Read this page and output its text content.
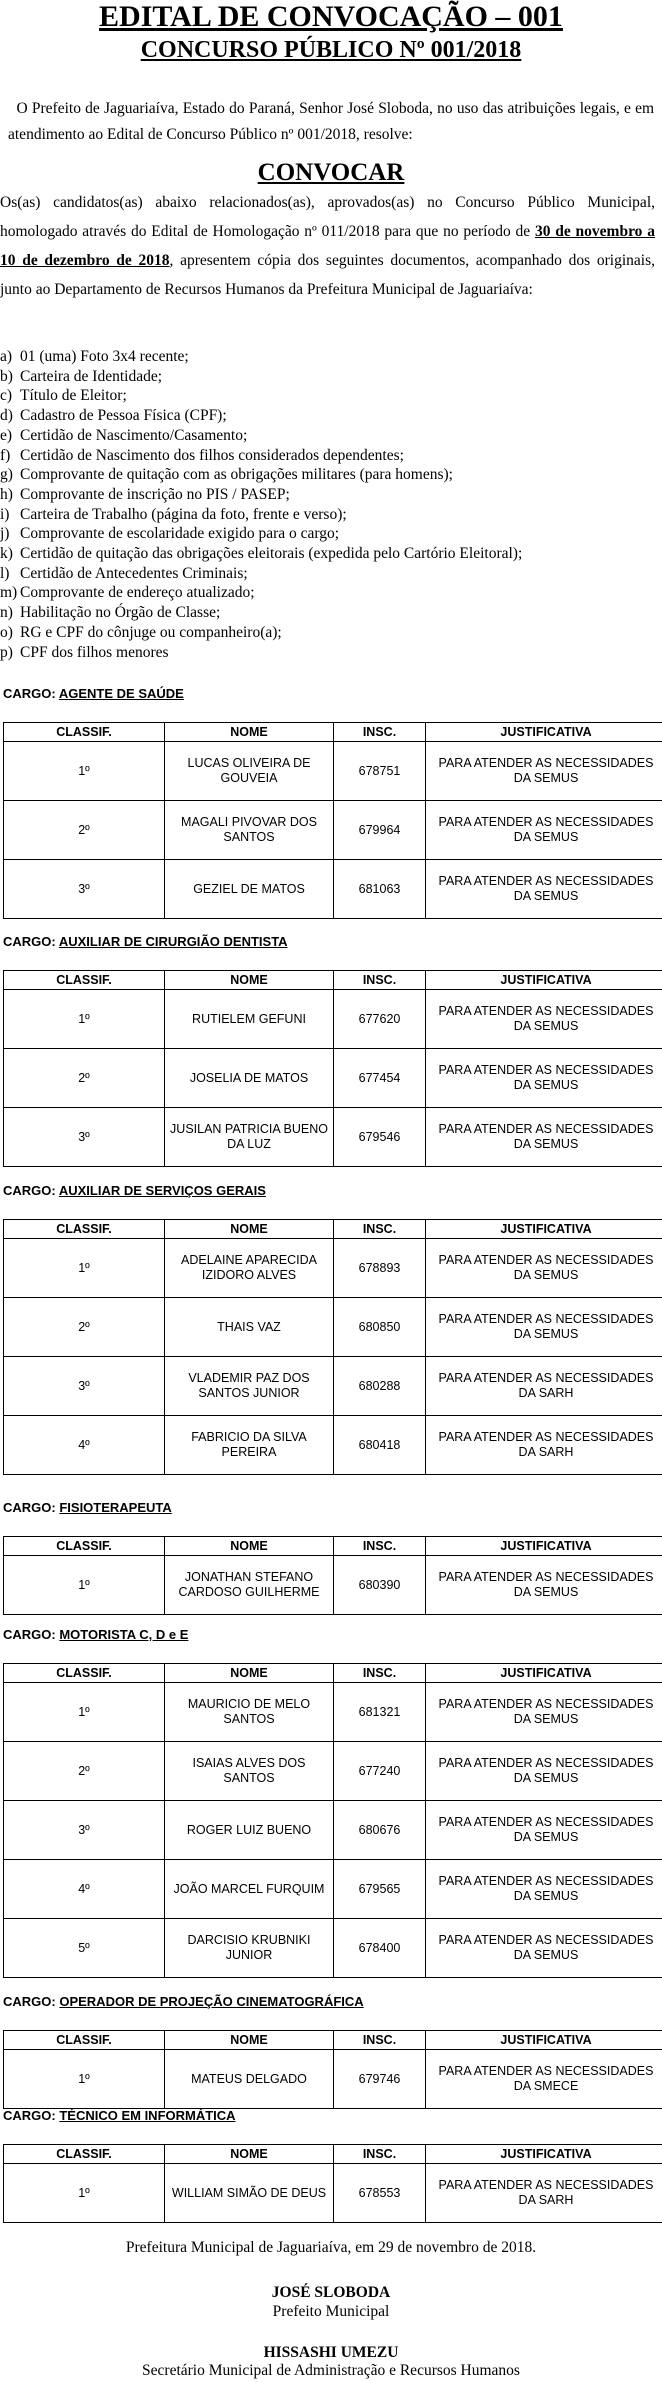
EDITAL DE CONVOCAÇÃO – 001
CONCURSO PÚBLICO Nº 001/2018

O Prefeito de Jaguariaíva, Estado do Paraná, Senhor José Sloboda, no uso das atribuições legais, e em atendimento ao Edital de Concurso Público nº 001/2018, resolve:

CONVOCAR

Os(as) candidatos(as) abaixo relacionados(as), aprovados(as) no Concurso Público Municipal, homologado através do Edital de Homologação nº 011/2018 para que no período de 30 de novembro a 10 de dezembro de 2018, apresentem cópia dos seguintes documentos, acompanhado dos originais, junto ao Departamento de Recursos Humanos da Prefeitura Municipal de Jaguariaíva:

a) 01 (uma) Foto 3x4 recente;
b) Carteira de Identidade;
c) Título de Eleitor;
d) Cadastro de Pessoa Física (CPF);
e) Certidão de Nascimento/Casamento;
f) Certidão de Nascimento dos filhos considerados dependentes;
g) Comprovante de quitação com as obrigações militares (para homens);
h) Comprovante de inscrição no PIS / PASEP;
i) Carteira de Trabalho (página da foto, frente e verso);
j) Comprovante de escolaridade exigido para o cargo;
k) Certidão de quitação das obrigações eleitorais (expedida pelo Cartório Eleitoral);
l) Certidão de Antecedentes Criminais;
m) Comprovante de endereço atualizado;
n) Habilitação no Órgão de Classe;
o) RG e CPF do cônjuge ou companheiro(a);
p) CPF dos filhos menores
CARGO: AGENTE DE SAÚDE
CLASSIF.	NOME	INSC.	JUSTIFICATIVA
1º	LUCAS OLIVEIRA DE GOUVEIA	678751	PARA ATENDER AS NECESSIDADES DA SEMUS
2º	MAGALI PIVOVAR DOS SANTOS	679964	PARA ATENDER AS NECESSIDADES DA SEMUS
3º	GEZIEL DE MATOS	681063	PARA ATENDER AS NECESSIDADES DA SEMUS
CARGO: AUXILIAR DE CIRURGIÃO DENTISTA
CLASSIF.	NOME	INSC.	JUSTIFICATIVA
1º	RUTIELEM GEFUNI	677620	PARA ATENDER AS NECESSIDADES DA SEMUS
2º	JOSELIA DE MATOS	677454	PARA ATENDER AS NECESSIDADES DA SEMUS
3º	JUSILAN PATRICIA BUENO DA LUZ	679546	PARA ATENDER AS NECESSIDADES DA SEMUS
CARGO: AUXILIAR DE SERVIÇOS GERAIS
CLASSIF.	NOME	INSC.	JUSTIFICATIVA
1º	ADELAINE APARECIDA IZIDORO ALVES	678893	PARA ATENDER AS NECESSIDADES DA SEMUS
2º	THAIS VAZ	680850	PARA ATENDER AS NECESSIDADES DA SEMUS
3º	VLADEMIR PAZ DOS SANTOS JUNIOR	680288	PARA ATENDER AS NECESSIDADES DA SARH
4º	FABRICIO DA SILVA PEREIRA	680418	PARA ATENDER AS NECESSIDADES DA SARH
CARGO: FISIOTERAPEUTA
CLASSIF.	NOME	INSC.	JUSTIFICATIVA
1º	JONATHAN STEFANO CARDOSO GUILHERME	680390	PARA ATENDER AS NECESSIDADES DA SEMUS
CARGO: MOTORISTA C, D e E
CLASSIF.	NOME	INSC.	JUSTIFICATIVA
1º	MAURICIO DE MELO SANTOS	681321	PARA ATENDER AS NECESSIDADES DA SEMUS
2º	ISAIAS ALVES DOS SANTOS	677240	PARA ATENDER AS NECESSIDADES DA SEMUS
3º	ROGER LUIZ BUENO	680676	PARA ATENDER AS NECESSIDADES DA SEMUS
4º	JOÃO MARCEL FURQUIM	679565	PARA ATENDER AS NECESSIDADES DA SEMUS
5º	DARCISIO KRUBNIKI JUNIOR	678400	PARA ATENDER AS NECESSIDADES DA SEMUS
CARGO: OPERADOR DE PROJEÇÃO CINEMATOGRÁFICA
CLASSIF.	NOME	INSC.	JUSTIFICATIVA
1º	MATEUS DELGADO	679746	PARA ATENDER AS NECESSIDADES DA SMECE
CARGO: TÉCNICO EM INFORMÁTICA
CLASSIF.	NOME	INSC.	JUSTIFICATIVA
1º	WILLIAM SIMÃO DE DEUS	678553	PARA ATENDER AS NECESSIDADES DA SARH
Prefeitura Municipal de Jaguariaíva, em 29 de novembro de 2018.
JOSÉ SLOBODA
Prefeito Municipal
HISSASHI UMEZU
Secretário Municipal de Administração e Recursos Humanos
